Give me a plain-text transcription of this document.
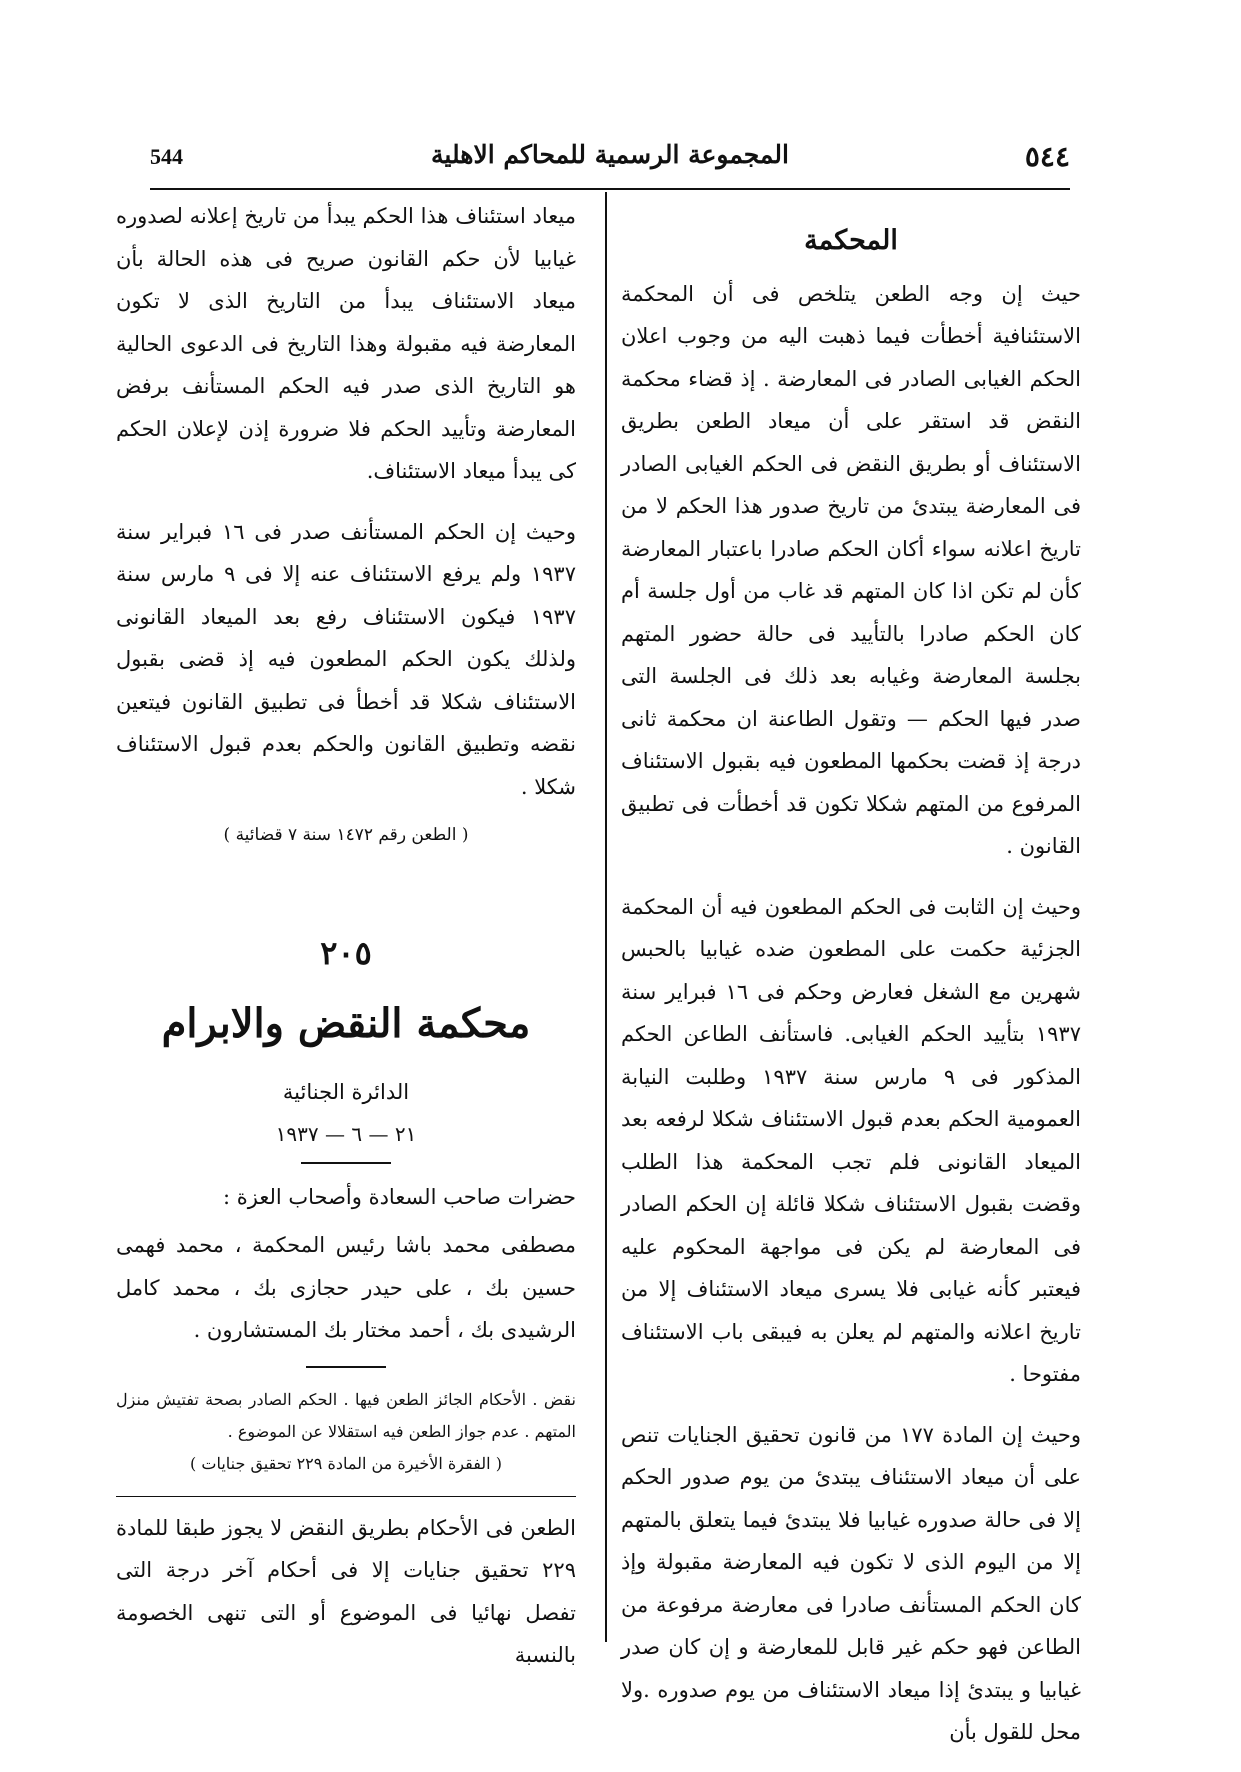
544	المجموعة الرسمية للمحاكم الاهلية	٥٤٤

المحكمة

حيث إن وجه الطعن يتلخص فى أن المحكمة الاستئنافية أخطأت فيما ذهبت اليه من وجوب اعلان الحكم الغيابى الصادر فى المعارضة . إذ قضاء محكمة النقض قد استقر على أن ميعاد الطعن بطريق الاستئناف أو بطريق النقض فى الحكم الغيابى الصادر فى المعارضة يبتدئ من تاريخ صدور هذا الحكم لا من تاريخ اعلانه سواء أكان الحكم صادرا باعتبار المعارضة كأن لم تكن اذا كان المتهم قد غاب من أول جلسة أم كان الحكم صادرا بالتأييد فى حالة حضور المتهم بجلسة المعارضة وغيابه بعد ذلك فى الجلسة التى صدر فيها الحكم — وتقول الطاعنة ان محكمة ثانى درجة إذ قضت بحكمها المطعون فيه بقبول الاستئناف المرفوع من المتهم شكلا تكون قد أخطأت فى تطبيق القانون .

وحيث إن الثابت فى الحكم المطعون فيه أن المحكمة الجزئية حكمت على المطعون ضده غيابيا بالحبس شهرين مع الشغل فعارض وحكم فى ١٦ فبراير سنة ١٩٣٧ بتأييد الحكم الغيابى. فاستأنف الطاعن الحكم المذكور فى ٩ مارس سنة ١٩٣٧ وطلبت النيابة العمومية الحكم بعدم قبول الاستئناف شكلا لرفعه بعد الميعاد القانونى فلم تجب المحكمة هذا الطلب وقضت بقبول الاستئناف شكلا قائلة إن الحكم الصادر فى المعارضة لم يكن فى مواجهة المحكوم عليه فيعتبر كأنه غيابى فلا يسرى ميعاد الاستئناف إلا من تاريخ اعلانه والمتهم لم يعلن به فيبقى باب الاستئناف مفتوحا .

وحيث إن المادة ١٧٧ من قانون تحقيق الجنايات تنص على أن ميعاد الاستئناف يبتدئ من يوم صدور الحكم إلا فى حالة صدوره غيابيا فلا يبتدئ فيما يتعلق بالمتهم إلا من اليوم الذى لا تكون فيه المعارضة مقبولة وإذ كان الحكم المستأنف صادرا فى معارضة مرفوعة من الطاعن فهو حكم غير قابل للمعارضة و إن كان صدر غيابيا و يبتدئ إذا ميعاد الاستئناف من يوم صدوره .ولا محل للقول بأن

ميعاد استئناف هذا الحكم يبدأ من تاريخ إعلانه لصدوره غيابيا لأن حكم القانون صريح فى هذه الحالة بأن ميعاد الاستئناف يبدأ من التاريخ الذى لا تكون المعارضة فيه مقبولة وهذا التاريخ فى الدعوى الحالية هو التاريخ الذى صدر فيه الحكم المستأنف برفض المعارضة وتأييد الحكم فلا ضرورة إذن لإعلان الحكم كى يبدأ ميعاد الاستئناف.

وحيث إن الحكم المستأنف صدر فى ١٦ فبراير سنة ١٩٣٧ ولم يرفع الاستئناف عنه إلا فى ٩ مارس سنة ١٩٣٧ فيكون الاستئناف رفع بعد الميعاد القانونى ولذلك يكون الحكم المطعون فيه إذ قضى بقبول الاستئناف شكلا قد أخطأ فى تطبيق القانون فيتعين نقضه وتطبيق القانون والحكم بعدم قبول الاستئناف شكلا .

( الطعن رقم ١٤٧٢ سنة ٧ قضائية )

٢٠٥

محكمة النقض والابرام

الدائرة الجنائية

٢١ — ٦ — ١٩٣٧

حضرات صاحب السعادة وأصحاب العزة :

مصطفى محمد باشا رئيس المحكمة ، محمد فهمى حسين بك ، على حيدر حجازى بك ، محمد كامل الرشيدى بك ، أحمد مختار بك المستشارون .

نقض . الأحكام الجائز الطعن فيها . الحكم الصادر بصحة تفتيش منزل المتهم . عدم جواز الطعن فيه استقلالا عن الموضوع .

( الفقرة الأخيرة من المادة ٢٢٩ تحقيق جنايات )

الطعن فى الأحكام بطريق النقض لا يجوز طبقا للمادة ٢٢٩ تحقيق جنايات إلا فى أحكام آخر درجة التى تفصل نهائيا فى الموضوع أو التى تنهى الخصومة بالنسبة
